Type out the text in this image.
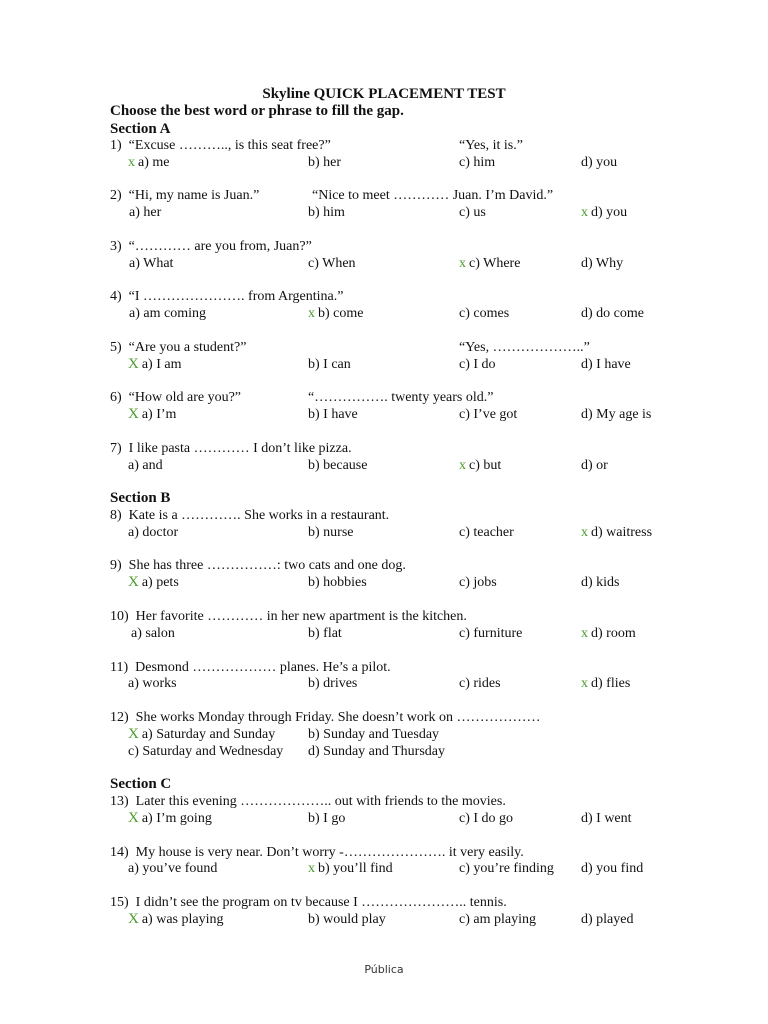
Skyline QUICK PLACEMENT TEST
Choose the best word or phrase to fill the gap.
Section A
Section B
Section C
1) “Excuse ……….., is this seat free?”	“Yes, it is.”
x a) me	b) her	c) him	d) you
2) “Hi, my name is Juan.”	“Nice to meet ………… Juan. I’m David.”
a) her	b) him	c) us	x d) you
3) “………… are you from, Juan?”
a) What	c) When	x c) Where	d) Why
4) “I …………………. from Argentina.”
a) am coming	x b) come	c) comes	d) do come
5) “Are you a student?”	“Yes, ………………..”
X a) I am	b) I can	c) I do	d) I have
6) “How old are you?”	“……………. twenty years old.”
X a) I’m	b) I have	c) I’ve got	d) My age is
7) I like pasta ………… I don’t like pizza.
a) and	b) because	x c) but	d) or
8) Kate is a …………. She works in a restaurant.
a) doctor	b) nurse	c) teacher	x d) waitress
9) She has three ……………: two cats and one dog.
X a) pets	b) hobbies	c) jobs	d) kids
10) Her favorite ………… in her new apartment is the kitchen.
a) salon	b) flat	c) furniture	x d) room
11) Desmond ……………… planes. He’s a pilot.
a) works	b) drives	c) rides	x d) flies
12) She works Monday through Friday. She doesn’t work on ………………
X a) Saturday and Sunday b) Sunday and Tuesday
c) Saturday and Wednesday d) Sunday and Thursday
13) Later this evening ……………….. out with friends to the movies.
X a) I’m going	b) I go	c) I do go	d) I went
14) My house is very near. Don’t worry -…………………. it very easily.
a) you’ve found	x b) you’ll find	c) you’re finding d) you find
15) I didn’t see the program on tv because I ………………….. tennis.
X a) was playing	b) would play	c) am playing	d) played
Pública
